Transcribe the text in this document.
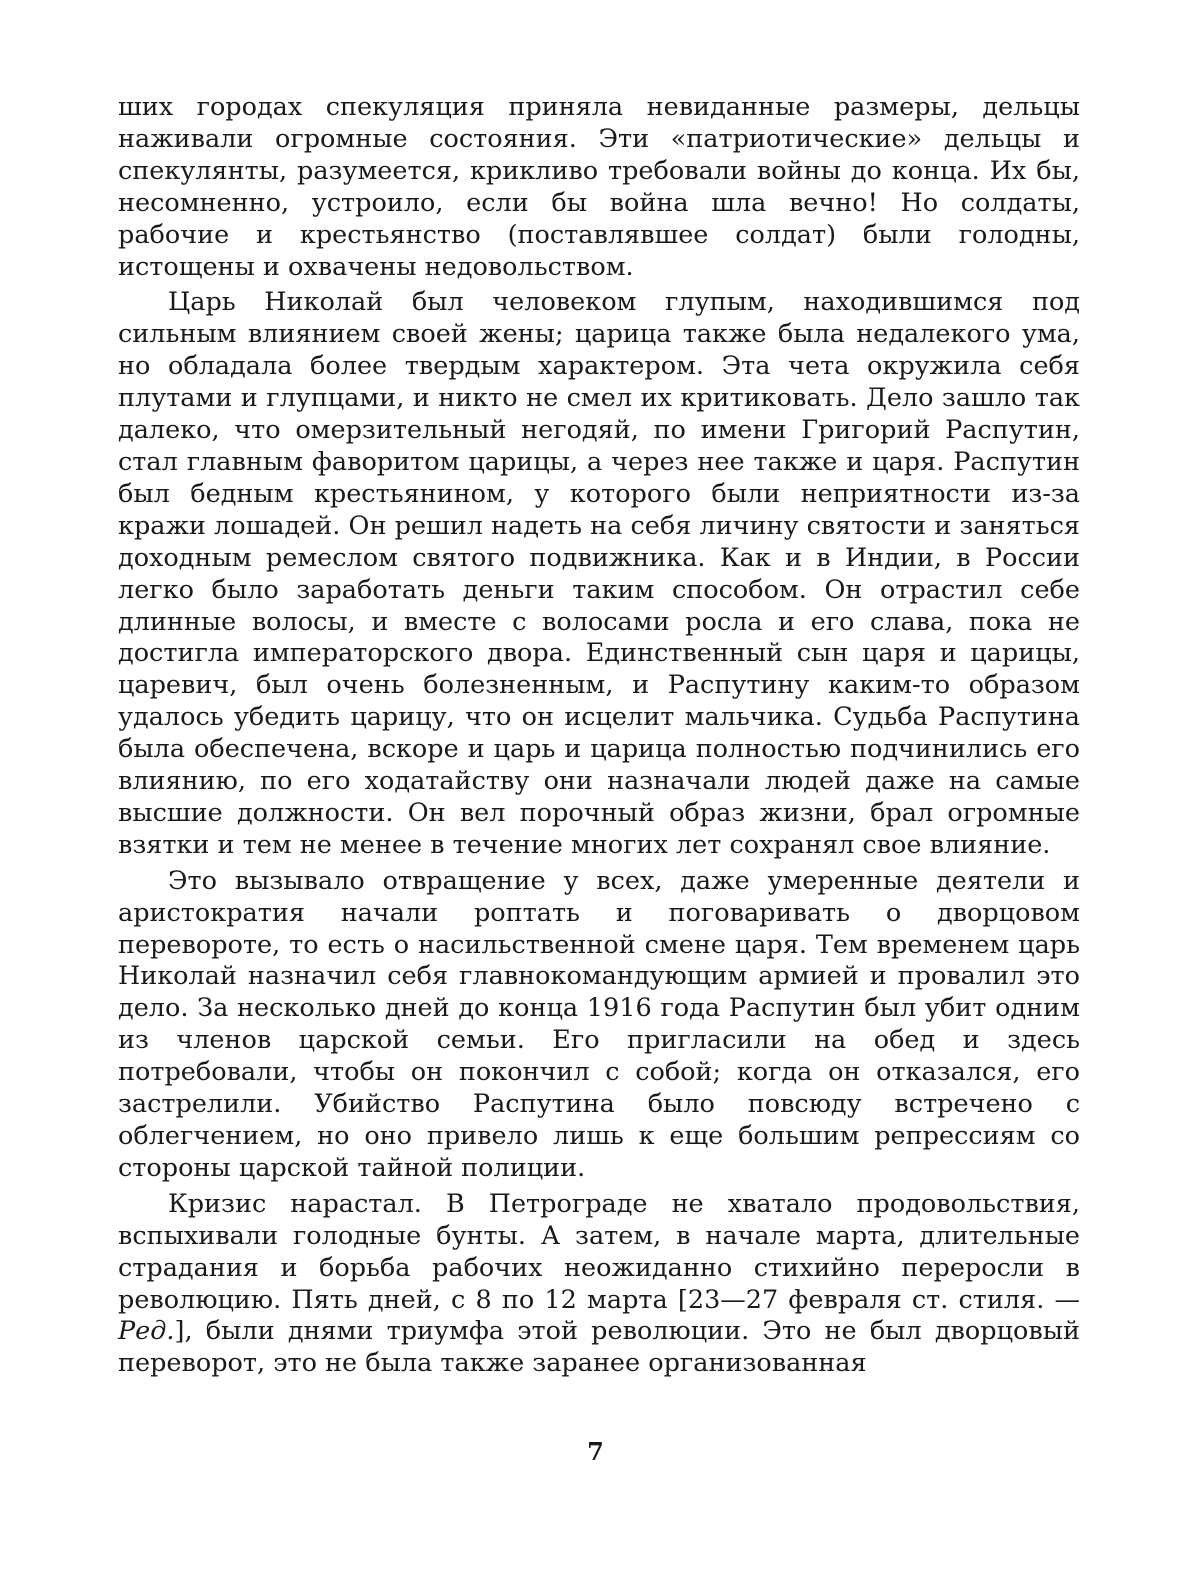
ших городах спекуляция приняла невиданные размеры, дельцы наживали огромные состояния. Эти «патриотические» дельцы и спекулянты, разумеется, крикливо требовали войны до конца. Их бы, несомненно, устроило, если бы война шла вечно! Но солдаты, рабочие и крестьянство (поставлявшее солдат) были голодны, истощены и охвачены недовольством.

Царь Николай был человеком глупым, находившимся под сильным влиянием своей жены; царица также была недалекого ума, но обладала более твердым характером. Эта чета окружила себя плутами и глупцами, и никто не смел их критиковать. Дело зашло так далеко, что омерзительный негодяй, по имени Григорий Распутин, стал главным фаворитом царицы, а через нее также и царя. Распутин был бедным крестьянином, у которого были неприятности из-за кражи лошадей. Он решил надеть на себя личину святости и заняться доходным ремеслом святого подвижника. Как и в Индии, в России легко было заработать деньги таким способом. Он отрастил себе длинные волосы, и вместе с волосами росла и его слава, пока не достигла императорского двора. Единственный сын царя и царицы, царевич, был очень болезненным, и Распутину каким-то образом удалось убедить царицу, что он исцелит мальчика. Судьба Распутина была обеспечена, вскоре и царь и царица полностью подчинились его влиянию, по его ходатайству они назначали людей даже на самые высшие должности. Он вел порочный образ жизни, брал огромные взятки и тем не менее в течение многих лет сохранял свое влияние.

Это вызывало отвращение у всех, даже умеренные деятели и аристократия начали роптать и поговаривать о дворцовом перевороте, то есть о насильственной смене царя. Тем временем царь Николай назначил себя главнокомандующим армией и провалил это дело. За несколько дней до конца 1916 года Распутин был убит одним из членов царской семьи. Его пригласили на обед и здесь потребовали, чтобы он покончил с собой; когда он отказался, его застрелили. Убийство Распутина было повсюду встречено с облегчением, но оно привело лишь к еще большим репрессиям со стороны царской тайной полиции.

Кризис нарастал. В Петрограде не хватало продовольствия, вспыхивали голодные бунты. А затем, в начале марта, длительные страдания и борьба рабочих неожиданно стихийно переросли в революцию. Пять дней, с 8 по 12 марта [23—27 февраля ст. стиля. — Ред.], были днями триумфа этой революции. Это не был дворцовый переворот, это не была также заранее организованная

7
